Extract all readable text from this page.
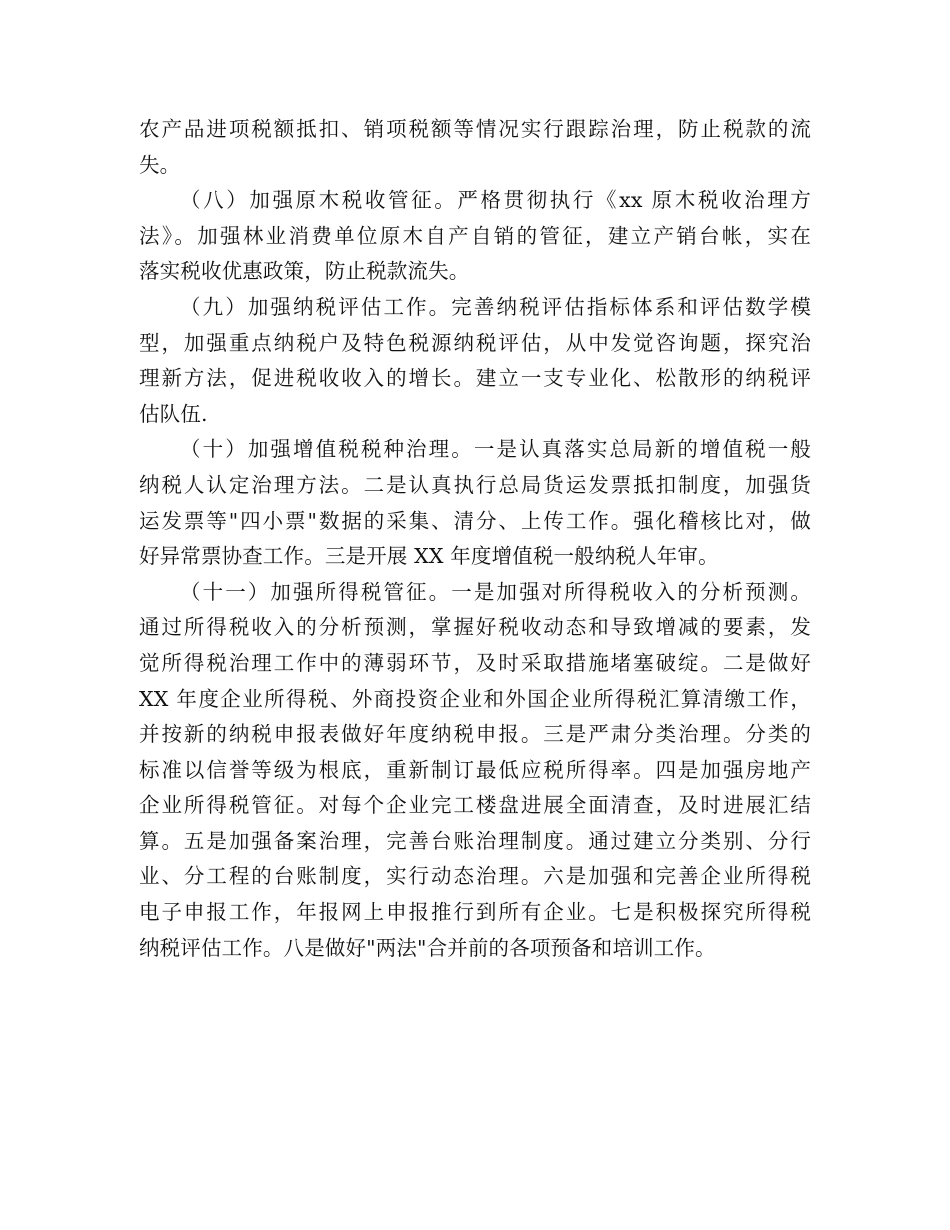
农产品进项税额抵扣、销项税额等情况实行跟踪治理，防止税款的流
失。
（八）加强原木税收管征。严格贯彻执行《xx 原木税收治理方
法》。加强林业消费单位原木自产自销的管征，建立产销台帐，实在
落实税收优惠政策，防止税款流失。
（九）加强纳税评估工作。完善纳税评估指标体系和评估数学模
型，加强重点纳税户及特色税源纳税评估，从中发觉咨询题，探究治
理新方法，促进税收收入的增长。建立一支专业化、松散形的纳税评
估队伍.
（十）加强增值税税种治理。一是认真落实总局新的增值税一般
纳税人认定治理方法。二是认真执行总局货运发票抵扣制度，加强货
运发票等"四小票"数据的采集、清分、上传工作。强化稽核比对，做
好异常票协查工作。三是开展 XX 年度增值税一般纳税人年审。
（十一）加强所得税管征。一是加强对所得税收入的分析预测。
通过所得税收入的分析预测，掌握好税收动态和导致增减的要素，发
觉所得税治理工作中的薄弱环节，及时采取措施堵塞破绽。二是做好
XX 年度企业所得税、外商投资企业和外国企业所得税汇算清缴工作，
并按新的纳税申报表做好年度纳税申报。三是严肃分类治理。分类的
标准以信誉等级为根底，重新制订最低应税所得率。四是加强房地产
企业所得税管征。对每个企业完工楼盘进展全面清查，及时进展汇结
算。五是加强备案治理，完善台账治理制度。通过建立分类别、分行
业、分工程的台账制度，实行动态治理。六是加强和完善企业所得税
电子申报工作，年报网上申报推行到所有企业。七是积极探究所得税
纳税评估工作。八是做好"两法"合并前的各项预备和培训工作。
